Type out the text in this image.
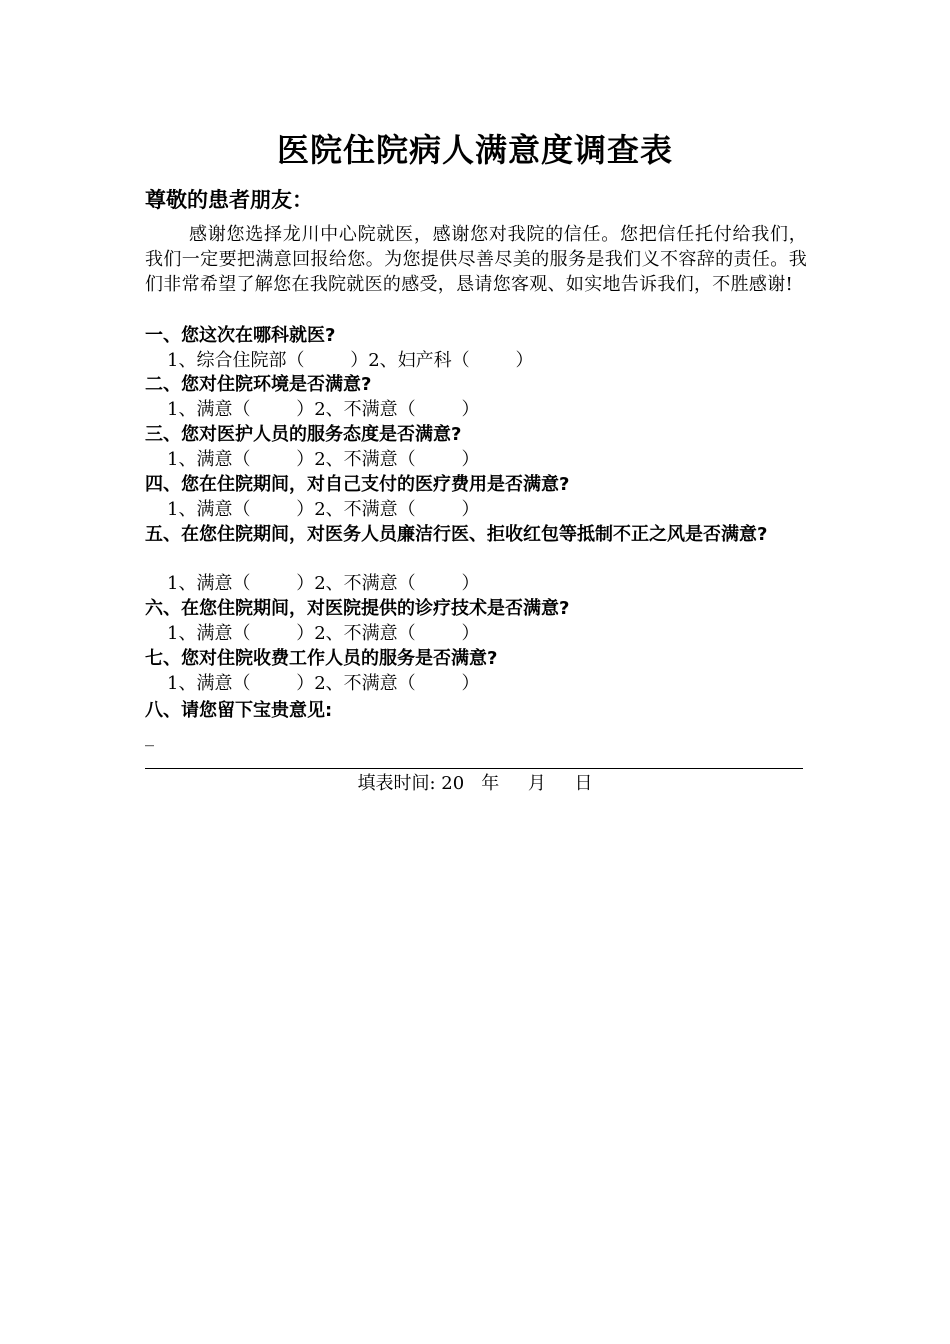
医院住院病人满意度调查表
尊敬的患者朋友：
感谢您选择龙川中心院就医，感谢您对我院的信任。您把信任托付给我们，我们一定要把满意回报给您。为您提供尽善尽美的服务是我们义不容辞的责任。我们非常希望了解您在我院就医的感受，恳请您客观、如实地告诉我们，不胜感谢!
一、您这次在哪科就医?
1、综合住院部（        ）2、妇产科（        ）
二、您对住院环境是否满意?
1、满意（        ）2、不满意（        ）
三、您对医护人员的服务态度是否满意?
1、满意（        ）2、不满意（        ）
四、您在住院期间，对自己支付的医疗费用是否满意?
1、满意（        ）2、不满意（        ）
五、在您住院期间，对医务人员廉洁行医、拒收红包等抵制不正之风是否满意?
1、满意（        ）2、不满意（        ）
六、在您住院期间，对医院提供的诊疗技术是否满意?
1、满意（        ）2、不满意（        ）
七、您对住院收费工作人员的服务是否满意?
1、满意（        ）2、不满意（        ）
八、请您留下宝贵意见:
_
填表时间: 20   年     月     日
